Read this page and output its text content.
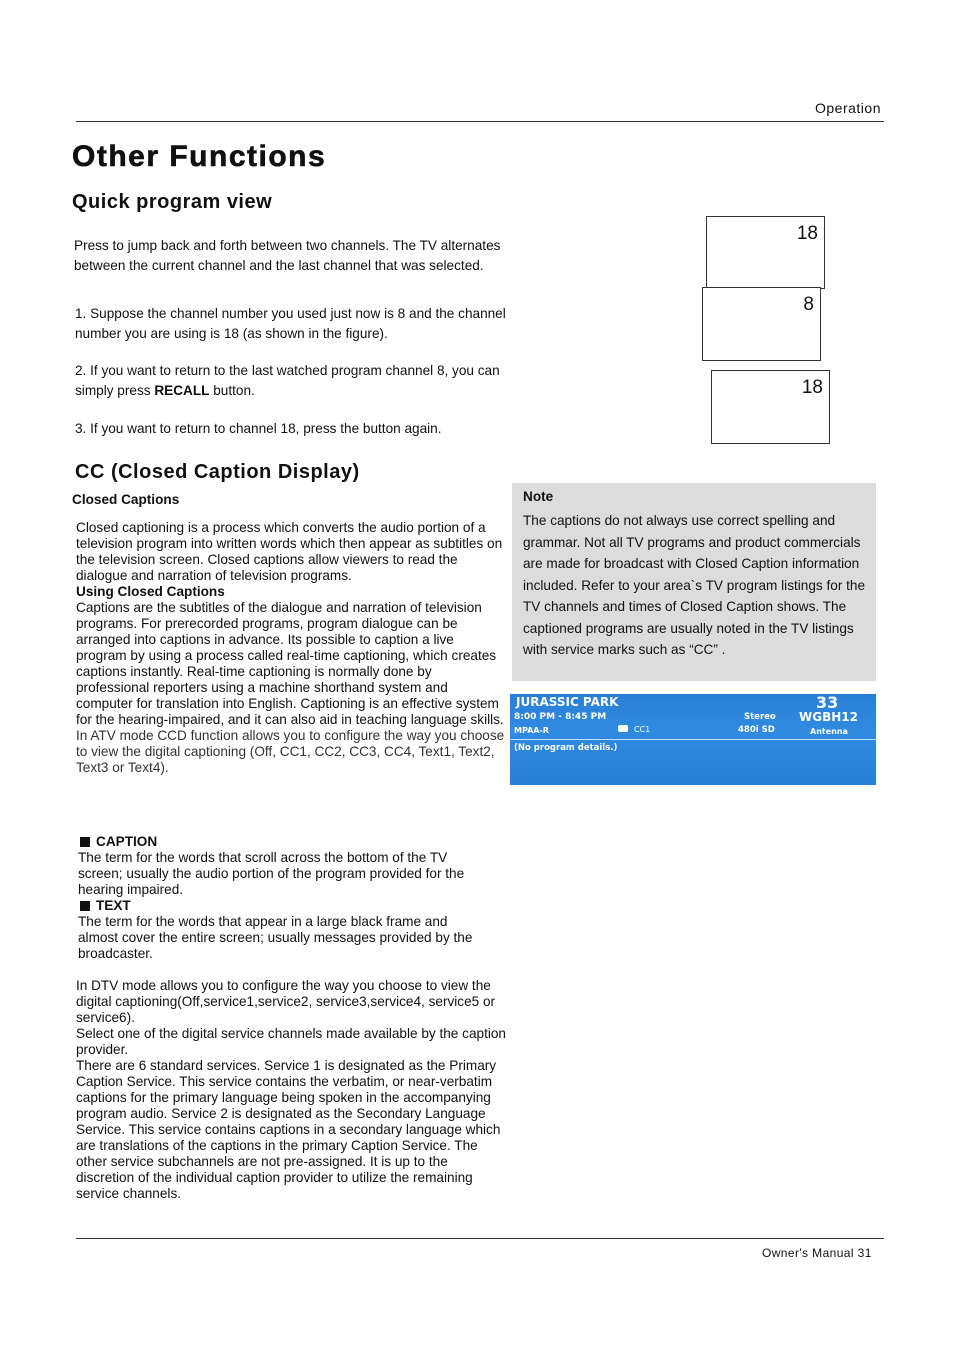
Operation
Other Functions
Quick program view

Press to jump back and forth between two channels. The TV alternates between the current channel and the last channel that was selected.

1. Suppose the channel number you used just now is 8 and the channel number you are using is 18 (as shown in the figure).

2. If you want to return to the last watched program channel 8, you can simply press RECALL button.

3. If you want to return to channel 18, press the button again.

18
8
18
CC (Closed Caption Display)
Closed Captions

Closed captioning is a process which converts the audio portion of a television program into written words which then appear as subtitles on the television screen. Closed captions allow viewers to read the dialogue and narration of television programs.

Using Closed Captions

Captions are the subtitles of the dialogue and narration of television programs. For prerecorded programs, program dialogue can be arranged into captions in advance. Its possible to caption a live program by using a process called real-time captioning, which creates captions instantly. Real-time captioning is normally done by professional reporters using a machine shorthand system and computer for translation into English. Captioning is an effective system for the hearing-impaired, and it can also aid in teaching language skills.

In ATV mode CCD function allows you to configure the way you choose to view the digital captioning (Off, CC1, CC2, CC3, CC4, Text1, Text2, Text3 or Text4).

CAPTION

The term for the words that scroll across the bottom of the TV screen; usually the audio portion of the program provided for the hearing impaired.

TEXT

The term for the words that appear in a large black frame and almost cover the entire screen; usually messages provided by the broadcaster.

In DTV mode allows you to configure the way you choose to view the digital captioning(Off,service1,service2, service3,service4, service5 or service6).

Select one of the digital service channels made available by the caption provider.

There are 6 standard services. Service 1 is designated as the Primary Caption Service. This service contains the verbatim, or near-verbatim captions for the primary language being spoken in the accompanying program audio. Service 2 is designated as the Secondary Language Service. This service contains captions in a secondary language which are translations of the captions in the primary Caption Service. The other service subchannels are not pre-assigned. It is up to the discretion of the individual caption provider to utilize the remaining service channels.

Note

The captions do not always use correct spelling and grammar. Not all TV programs and product commercials are made for broadcast with Closed Caption information included. Refer to your area`s TV program listings for the TV channels and times of Closed Caption shows. The captioned programs are usually noted in the TV listings with service marks such as “CC” .

JURASSIC PARK
8:00 PM - 8:45 PM
MPAA-R	CC1
Stereo
480i SD
33
WGBH12
Antenna
(No program details.)
Owner's Manual 31
